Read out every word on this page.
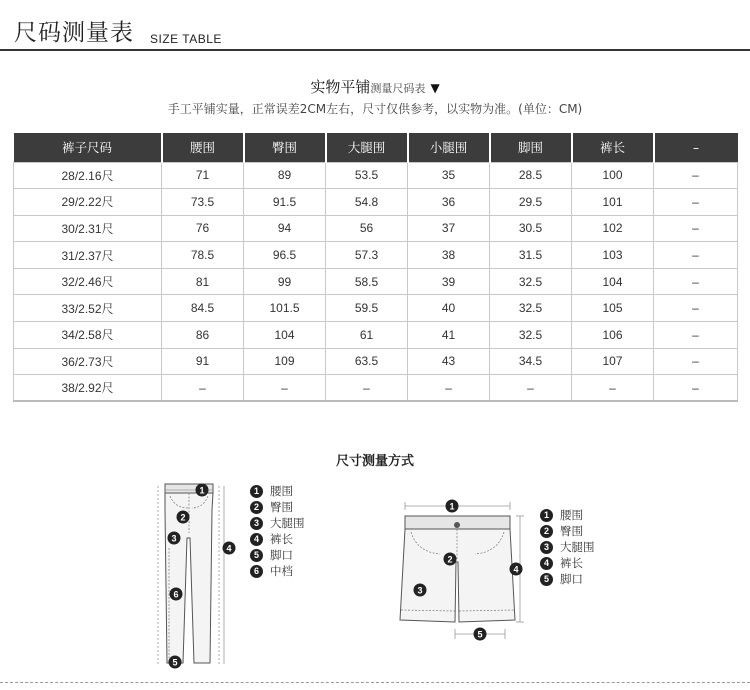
尺码测量表 SIZE TABLE
实物平铺测量尺码表 ▼
手工平铺实量，正常误差2CM左右，尺寸仅供参考，以实物为准。(单位：CM)
裤子尺码	腰围	臀围	大腿围	小腿围	脚围	裤长	–
28/2.16尺	71	89	53.5	35	28.5	100	–
29/2.22尺	73.5	91.5	54.8	36	29.5	101	–
30/2.31尺	76	94	56	37	30.5	102	–
31/2.37尺	78.5	96.5	57.3	38	31.5	103	–
32/2.46尺	81	99	58.5	39	32.5	104	–
33/2.52尺	84.5	101.5	59.5	40	32.5	105	–
34/2.58尺	86	104	61	41	32.5	106	–
36/2.73尺	91	109	63.5	43	34.5	107	–
38/2.92尺	–	–	–	–	–	–	–
尺寸测量方式
1
2
3
4
5
6
1 腰围
2 臀围
3 大腿围
4 裤长
5 脚口
6 中档
1
2
3
4
5
1 腰围
2 臀围
3 大腿围
4 裤长
5 脚口
